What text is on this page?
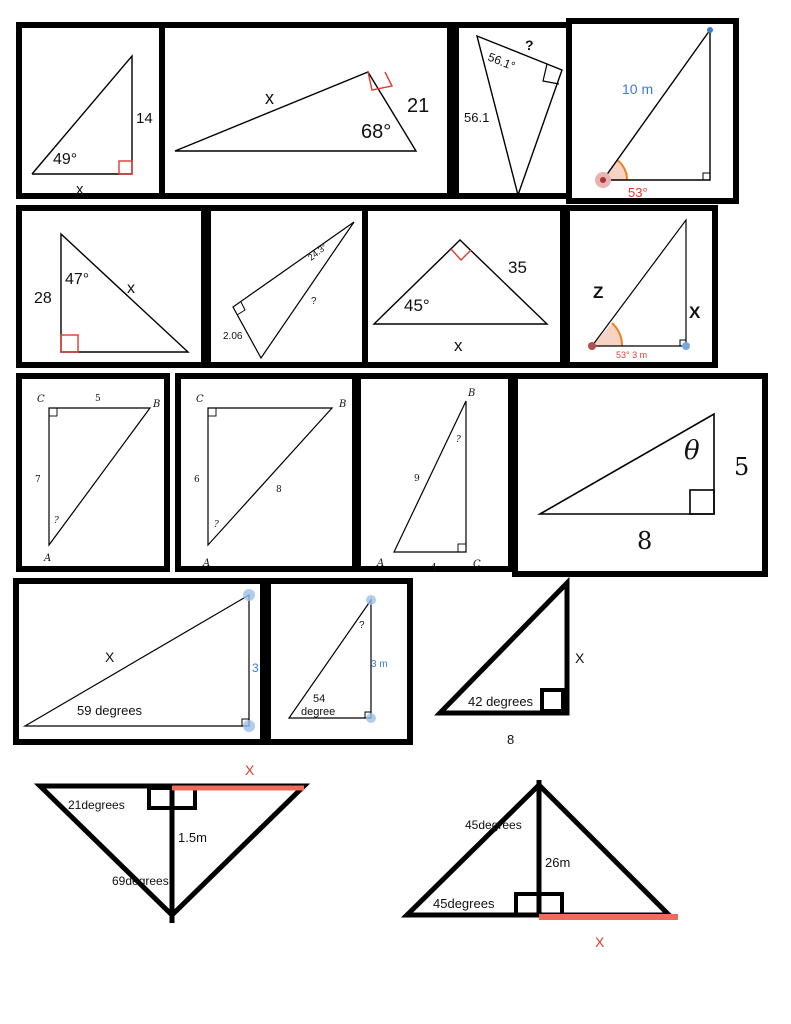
14
49°
x
x	21
68°
?
56.1°
56.1
10 m
53°
28
47°
x
24.3°
?
2.06
35
45°
x
Z
X
53° 3 m
C	B
A
5
7
?
C	B
A
6
8
?
B
A	C
9
4
?	θ
5
8
X
3
59 degrees
?
3 m
54
degree
X
42 degrees
8
X
21degrees
1.5m
69degrees
45degrees
26m
45degrees
X
